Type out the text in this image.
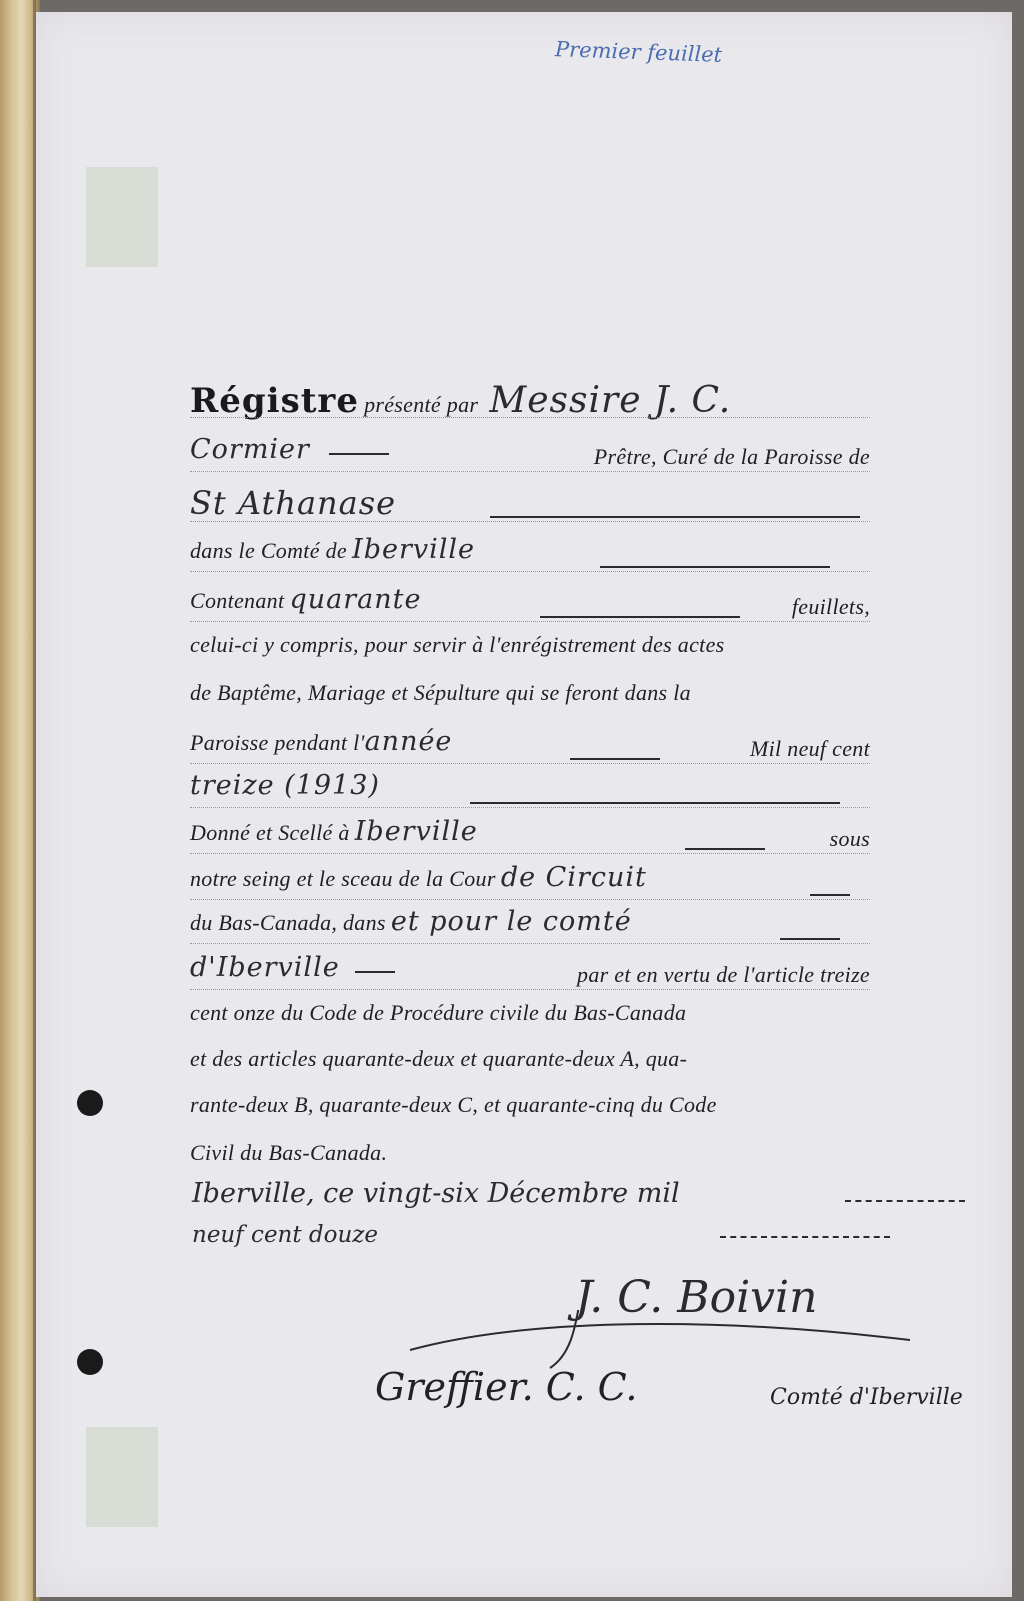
Premier feuillet
Régistre présenté par Messire J. C.
Cormier	Prêtre, Curé de la Paroisse de
St Athanase
dans le Comté de Iberville
Contenant quarante	feuillets,
celui-ci y compris, pour servir à l'enrégistrement des actes
de Baptême, Mariage et Sépulture qui se feront dans la
Paroisse pendant l'année	Mil neuf cent
treize (1913)
Donné et Scellé à Iberville	sous
notre seing et le sceau de la Cour de Circuit
du Bas-Canada, dans et pour le comté
d'Iberville	par et en vertu de l'article treize
cent onze du Code de Procédure civile du Bas-Canada
et des articles quarante-deux et quarante-deux A, qua-
rante-deux B, quarante-deux C, et quarante-cinq du Code
Civil du Bas-Canada.
Iberville, ce vingt-six Décembre mil
neuf cent douze
J. C. Boivin
Greffier. C. C.	Comté d'Iberville
